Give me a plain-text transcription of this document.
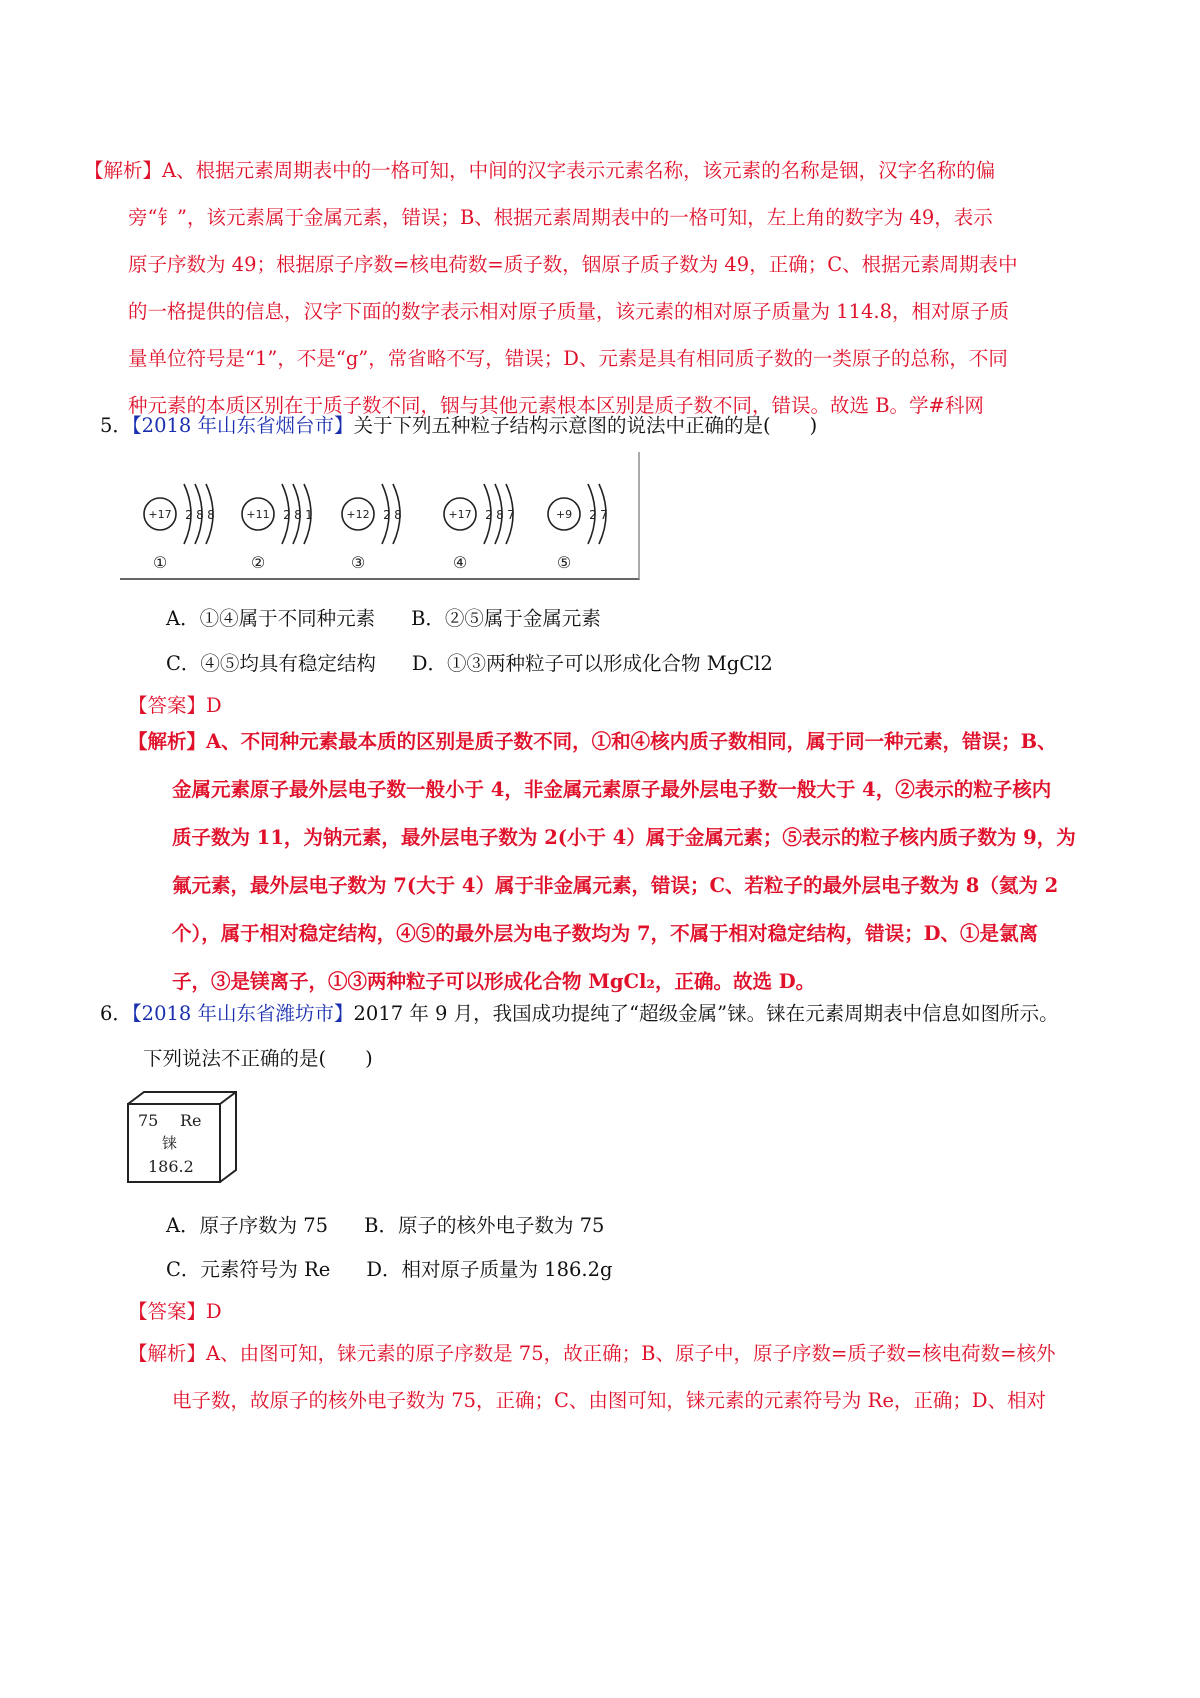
【解析】A、根据元素周期表中的一格可知，中间的汉字表示元素名称，该元素的名称是铟，汉字名称的偏
旁“钅”，该元素属于金属元素，错误；B、根据元素周期表中的一格可知，左上角的数字为 49，表示
原子序数为 49；根据原子序数=核电荷数=质子数，铟原子质子数为 49，正确；C、根据元素周期表中
的一格提供的信息，汉字下面的数字表示相对原子质量，该元素的相对原子质量为 114.8，相对原子质
量单位符号是“1”，不是“g”，常省略不写，错误；D、元素是具有相同质子数的一类原子的总称，不同
种元素的本质区别在于质子数不同，铟与其他元素根本区别是质子数不同，错误。故选 B。学#科网
5．【2018 年山东省烟台市】关于下列五种粒子结构示意图的说法中正确的是(　　)
+17 2 8 8
①
+11 2 8 1
②
+12 2 8
③
+17 2 8 7
④
+9 2 7
⑤
A．①④属于不同种元素 B．②⑤属于金属元素
C．④⑤均具有稳定结构 D．①③两种粒子可以形成化合物 MgCl2
【答案】D
【解析】A、不同种元素最本质的区别是质子数不同，①和④核内质子数相同，属于同一种元素，错误；B、
金属元素原子最外层电子数一般小于 4，非金属元素原子最外层电子数一般大于 4，②表示的粒子核内
质子数为 11，为钠元素，最外层电子数为 2(小于 4）属于金属元素；⑤表示的粒子核内质子数为 9，为
氟元素，最外层电子数为 7(大于 4）属于非金属元素，错误；C、若粒子的最外层电子数为 8（氦为 2
个），属于相对稳定结构，④⑤的最外层为电子数均为 7，不属于相对稳定结构，错误；D、①是氯离
子，③是镁离子，①③两种粒子可以形成化合物 MgCl₂，正确。故选 D。
6．【2018 年山东省潍坊市】2017 年 9 月，我国成功提纯了“超级金属”铼。铼在元素周期表中信息如图所示。
下列说法不正确的是(　　)
75 Re
铼
186.2
A．原子序数为 75 B．原子的核外电子数为 75
C．元素符号为 Re D．相对原子质量为 186.2g
【答案】D
【解析】A、由图可知，铼元素的原子序数是 75，故正确；B、原子中，原子序数=质子数=核电荷数=核外
电子数，故原子的核外电子数为 75，正确；C、由图可知，铼元素的元素符号为 Re，正确；D、相对
